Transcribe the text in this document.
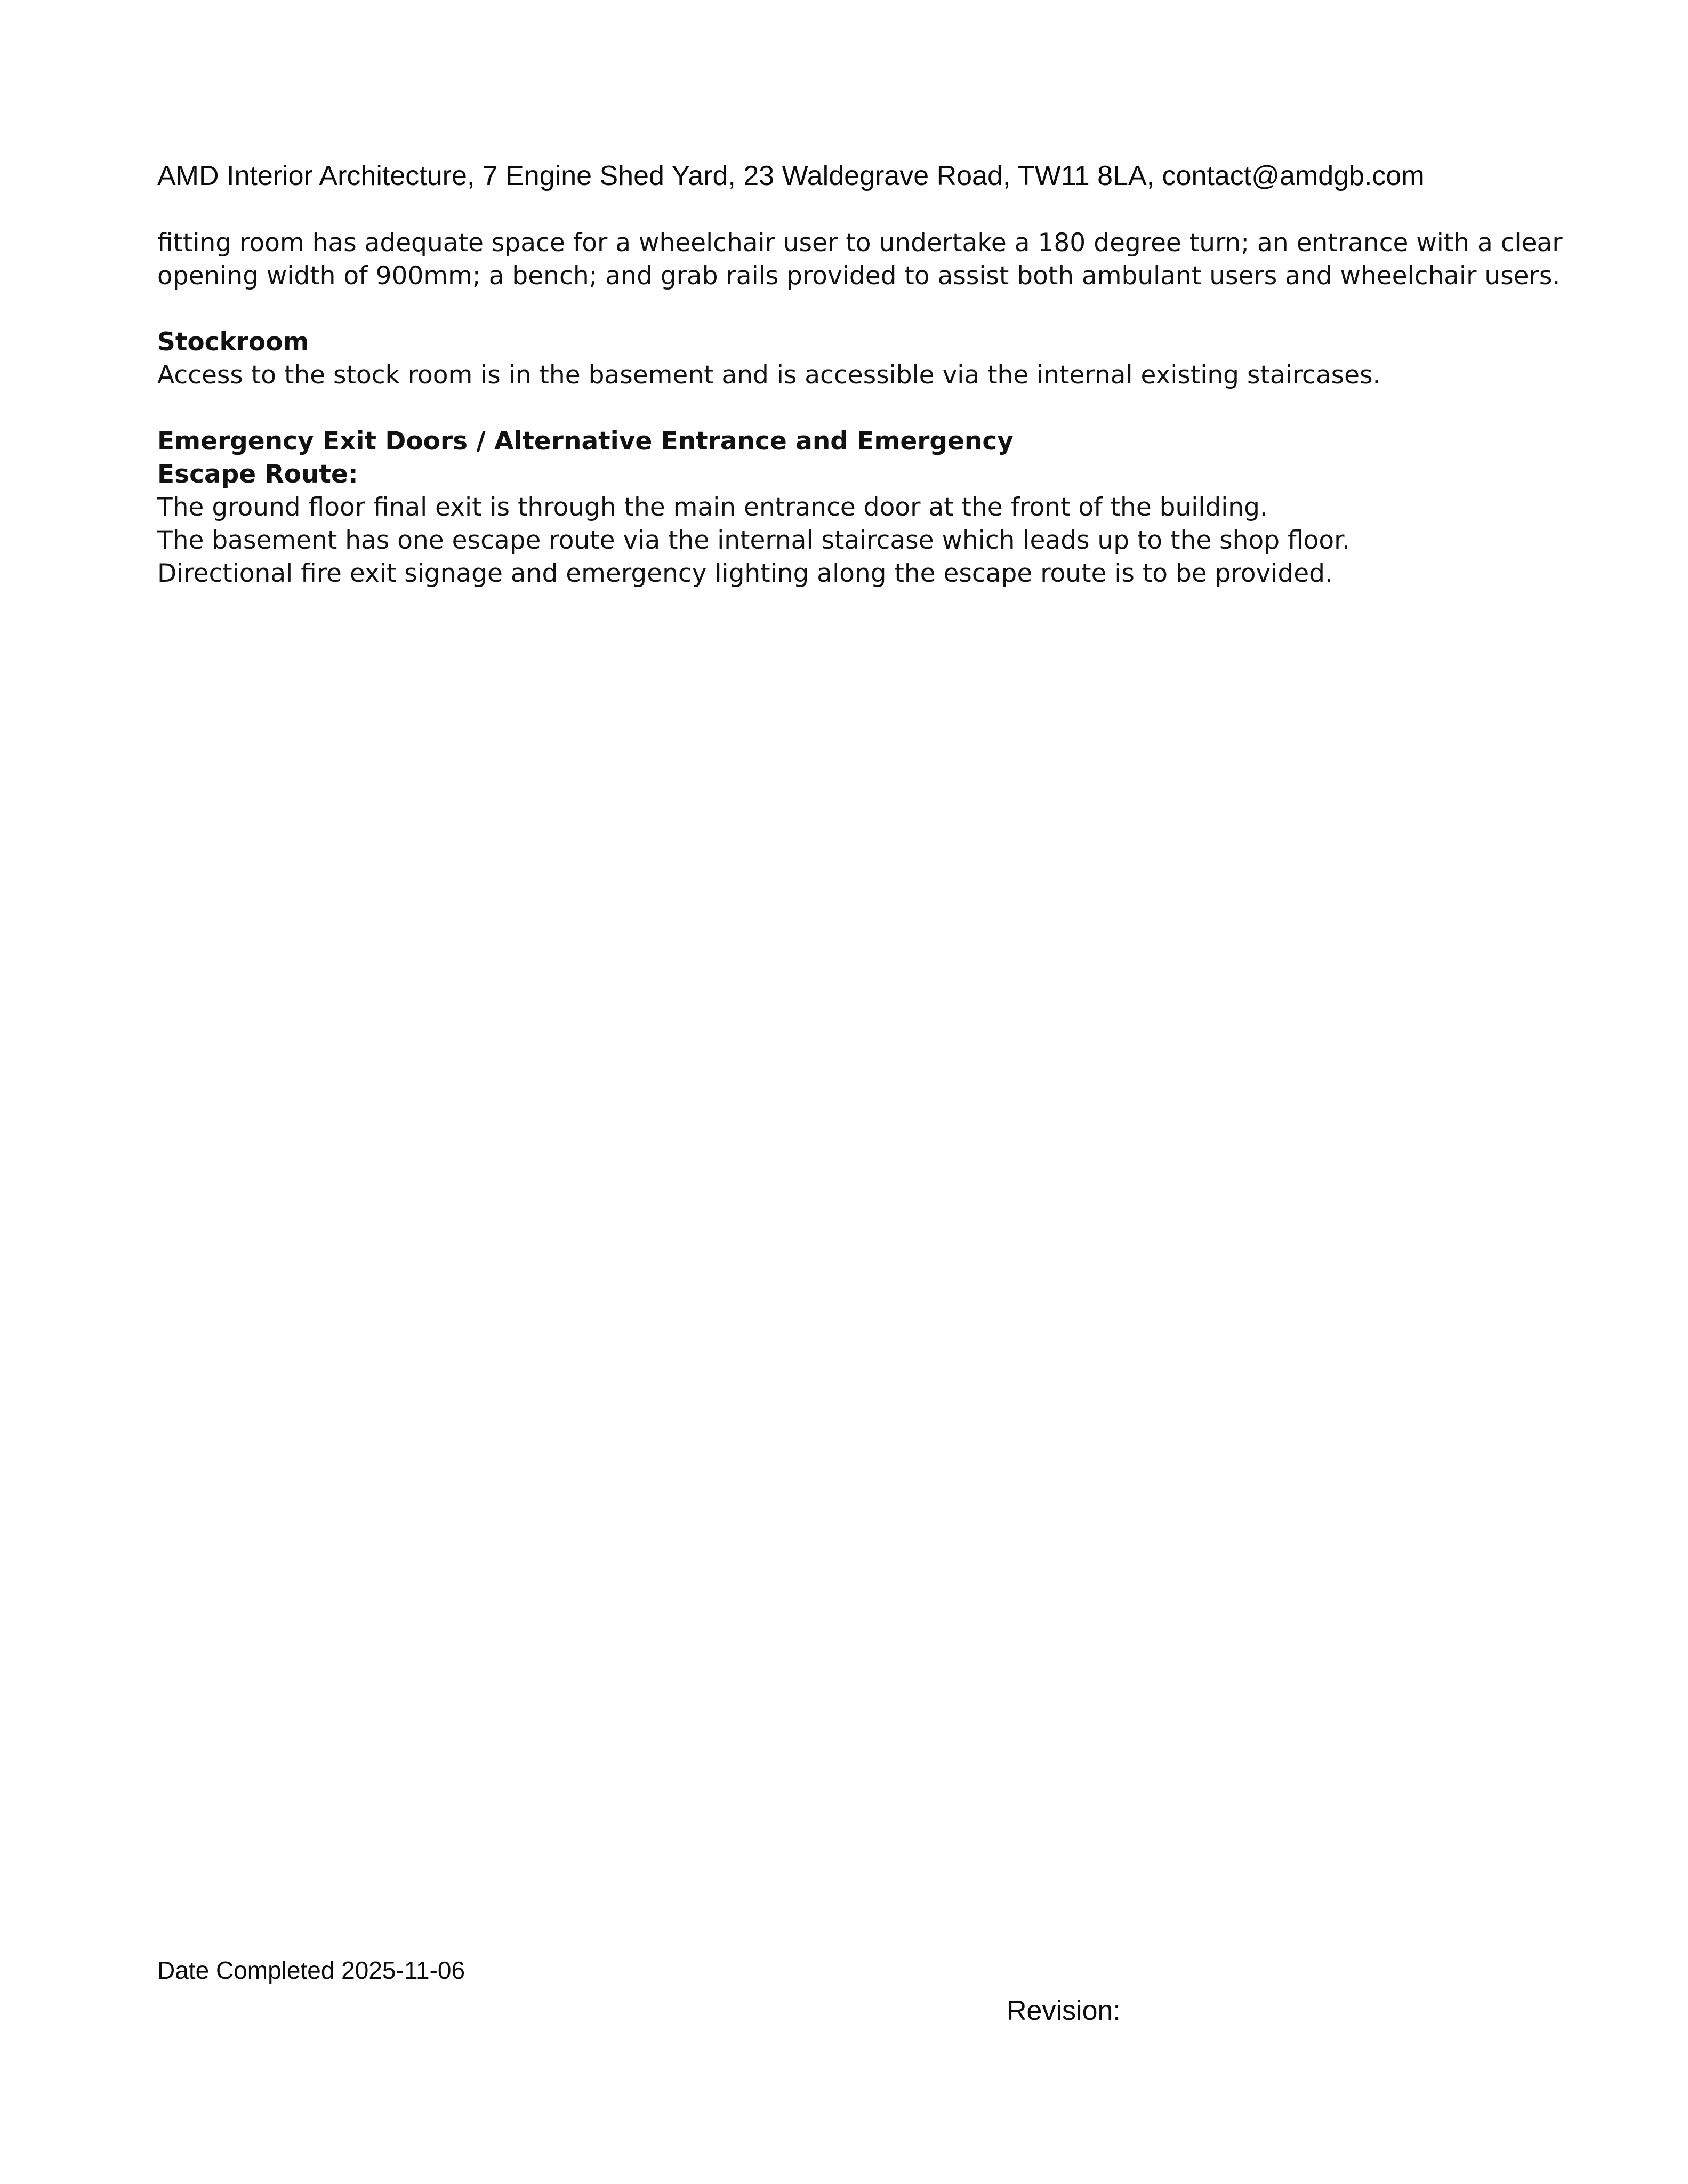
AMD Interior Architecture, 7 Engine Shed Yard, 23 Waldegrave Road, TW11 8LA, contact@amdgb.com

fitting room has adequate space for a wheelchair user to undertake a 180 degree turn; an entrance with a clear

opening width of 900mm; a bench; and grab rails provided to assist both ambulant users and wheelchair users.

Stockroom

Access to the stock room is in the basement and is accessible via the internal existing staircases.

Emergency Exit Doors / Alternative Entrance and Emergency

Escape Route:

The ground floor final exit is through the main entrance door at the front of the building.

The basement has one escape route via the internal staircase which leads up to the shop floor.

Directional fire exit signage and emergency lighting along the escape route is to be provided.

Date Completed 2025-11-06
Revision:
